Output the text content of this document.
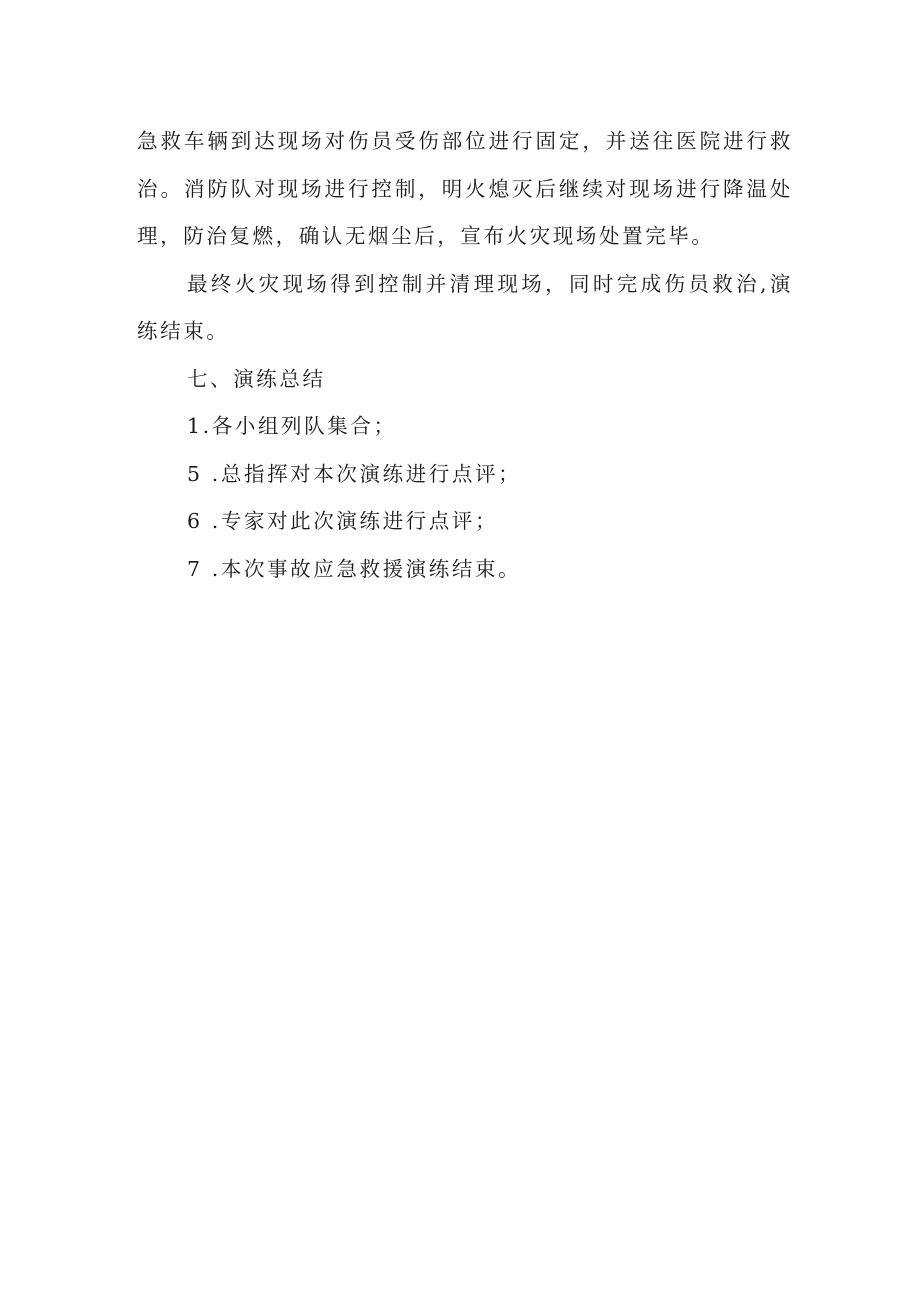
急救车辆到达现场对伤员受伤部位进行固定，并送往医院进行救治。消防队对现场进行控制，明火熄灭后继续对现场进行降温处理，防治复燃，确认无烟尘后，宣布火灾现场处置完毕。

最终火灾现场得到控制并清理现场，同时完成伤员救治,演练结束。

七、演练总结
1.各小组列队集合；
5 .总指挥对本次演练进行点评；
6 .专家对此次演练进行点评；
7 .本次事故应急救援演练结束。
